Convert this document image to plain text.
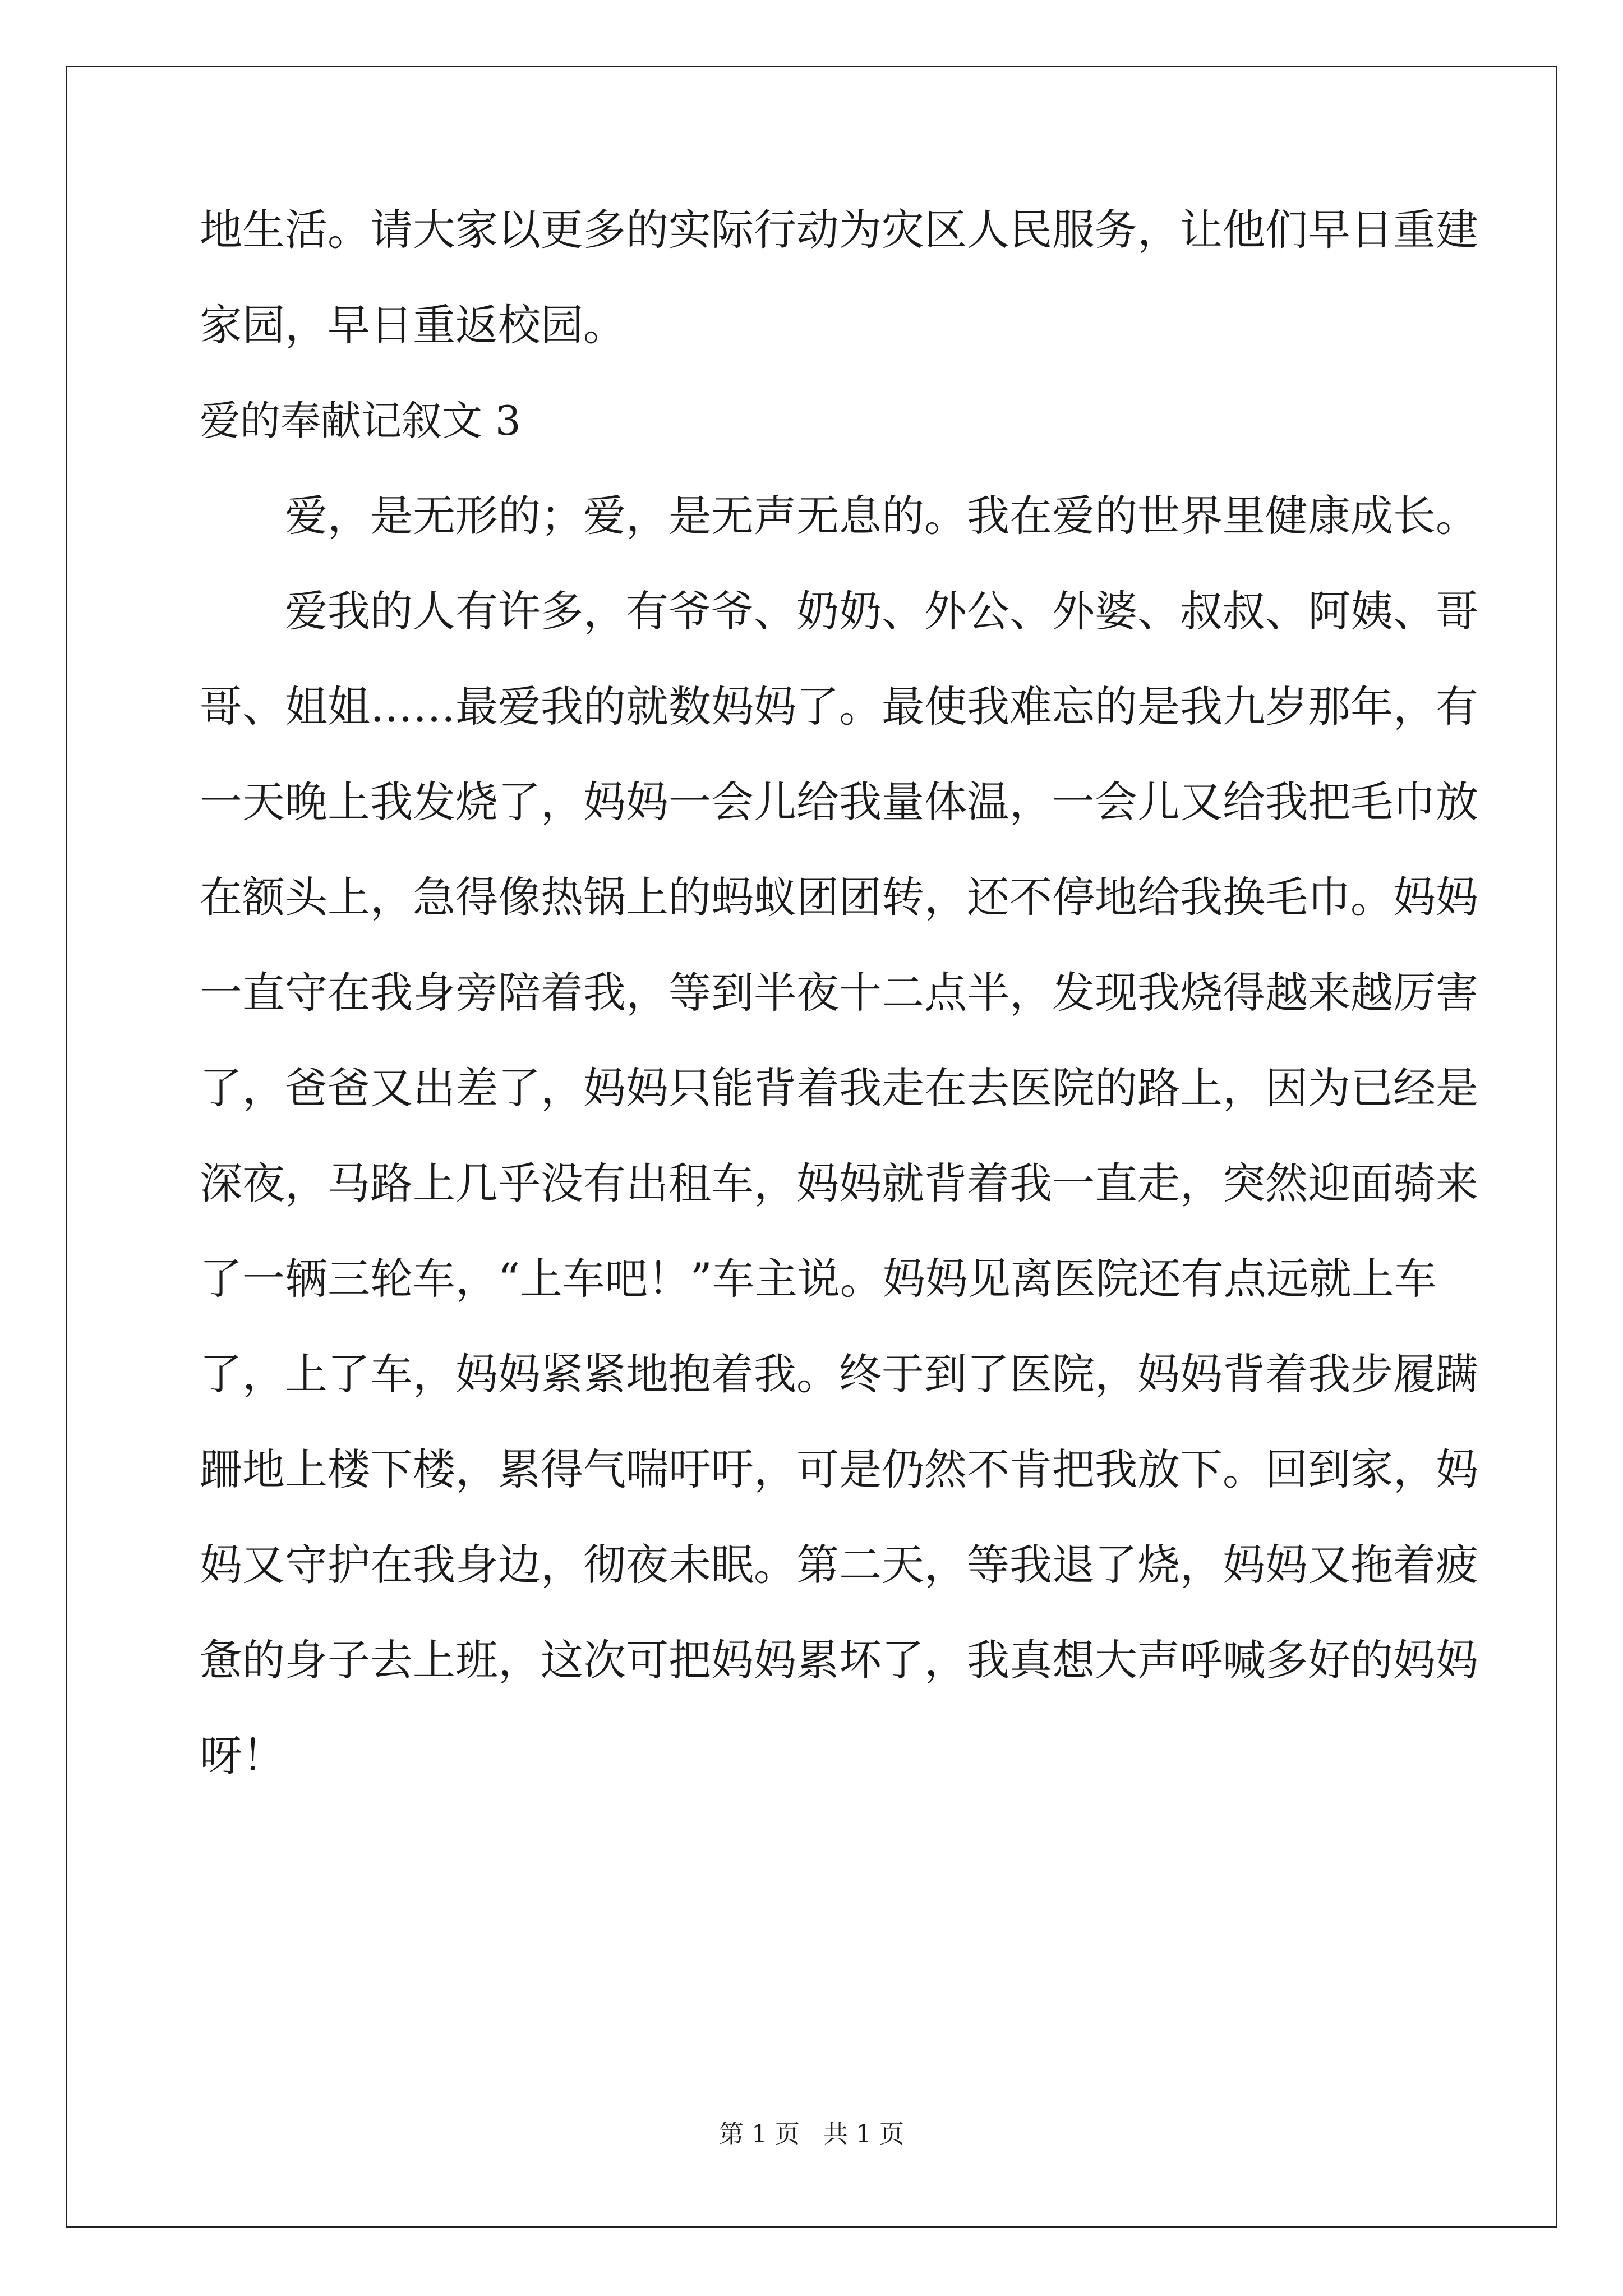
地生活。请大家以更多的实际行动为灾区人民服务，让他们早日重建
家园，早日重返校园。
爱的奉献记叙文 3
爱，是无形的；爱，是无声无息的。我在爱的世界里健康成长。
爱我的人有许多，有爷爷、奶奶、外公、外婆、叔叔、阿姨、哥
哥、姐姐……最爱我的就数妈妈了。最使我难忘的是我九岁那年，有
一天晚上我发烧了，妈妈一会儿给我量体温，一会儿又给我把毛巾放
在额头上，急得像热锅上的蚂蚁团团转，还不停地给我换毛巾。妈妈
一直守在我身旁陪着我，等到半夜十二点半，发现我烧得越来越厉害
了，爸爸又出差了，妈妈只能背着我走在去医院的路上，因为已经是
深夜，马路上几乎没有出租车，妈妈就背着我一直走，突然迎面骑来
了一辆三轮车，“上车吧！”车主说。妈妈见离医院还有点远就上车
了，上了车，妈妈紧紧地抱着我。终于到了医院，妈妈背着我步履蹒
跚地上楼下楼，累得气喘吁吁，可是仍然不肯把我放下。回到家，妈
妈又守护在我身边，彻夜未眠。第二天，等我退了烧，妈妈又拖着疲
惫的身子去上班，这次可把妈妈累坏了，我真想大声呼喊多好的妈妈
呀！
第 1 页   共 1 页
